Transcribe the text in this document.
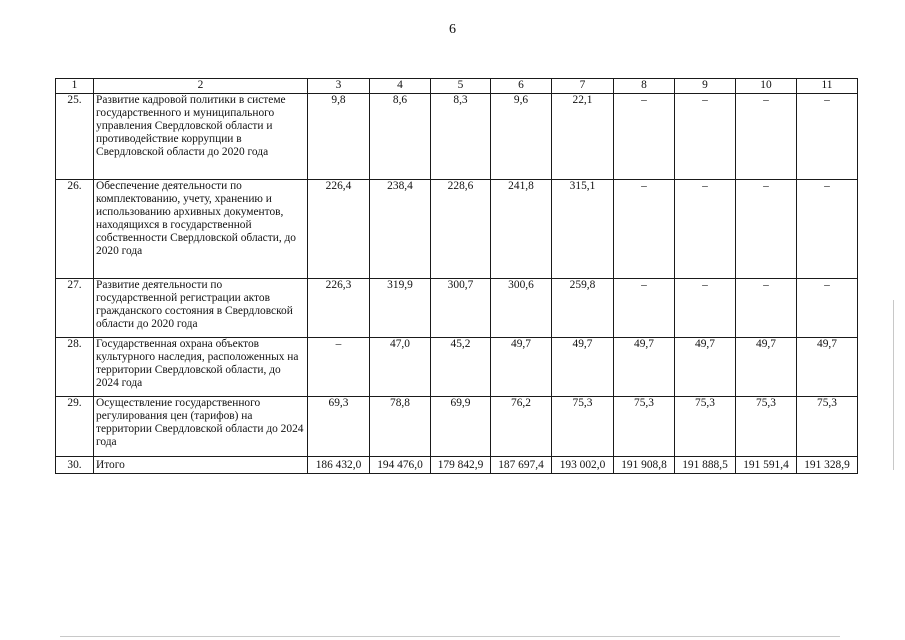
6
1	2	3	4	5	6	7	8	9	10	11
25.	Развитие кадровой политики в системе государственного и муниципального управления Свердловской области и противодействие коррупции в Свердловской области до 2020 года	9,8	8,6	8,3	9,6	22,1	–	–	–	–
26.	Обеспечение деятельности по комплектованию, учету, хранению и использованию архивных документов, находящихся в государственной собственности Свердловской области, до 2020 года	226,4	238,4	228,6	241,8	315,1	–	–	–	–
27.	Развитие деятельности по государственной регистрации актов гражданского состояния в Свердловской области до 2020 года	226,3	319,9	300,7	300,6	259,8	–	–	–	–
28.	Государственная охрана объектов культурного наследия, расположенных на территории Свердловской области, до 2024 года	–	47,0	45,2	49,7	49,7	49,7	49,7	49,7	49,7
29.	Осуществление государственного регулирования цен (тарифов) на территории Свердловской области до 2024 года	69,3	78,8	69,9	76,2	75,3	75,3	75,3	75,3	75,3
30.	Итого	186 432,0	194 476,0	179 842,9	187 697,4	193 002,0	191 908,8	191 888,5	191 591,4	191 328,9
